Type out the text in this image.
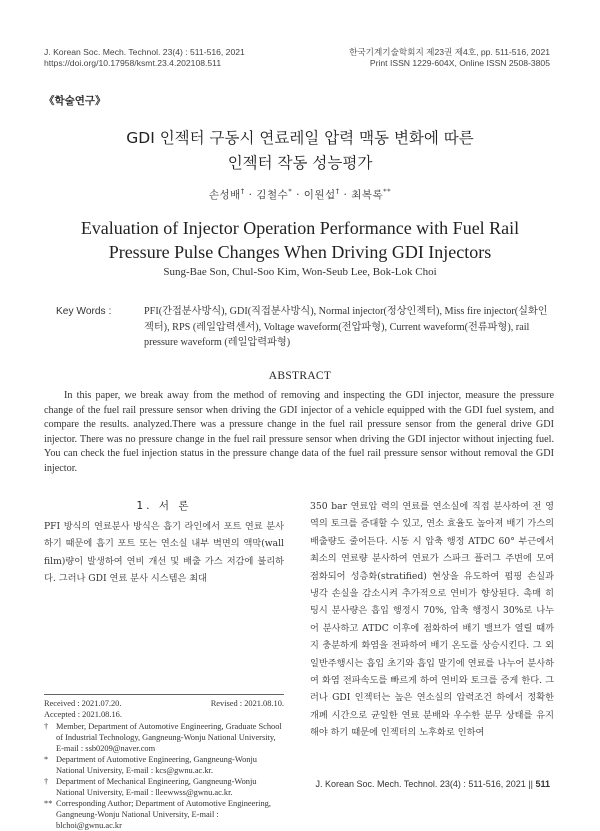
J. Korean Soc. Mech. Technol. 23(4) : 511-516, 2021
https://doi.org/10.17958/ksmt.23.4.202108.511
한국기계기술학회지 제23권 제4호, pp. 511-516, 2021
Print ISSN 1229-604X, Online ISSN 2508-3805
《학술연구》
GDI 인젝터 구동시 연료레일 압력 맥동 변화에 따른
인젝터 작동 성능평가
손성배† · 김철수* · 이원섭† · 최복록**
Evaluation of Injector Operation Performance with Fuel Rail
Pressure Pulse Changes When Driving GDI Injectors
Sung-Bae Son, Chul-Soo Kim, Won-Seub Lee, Bok-Lok Choi
Key Words :	PFI(간접분사방식), GDI(직접분사방식), Normal injector(정상인젝터), Miss fire injector(실화인젝터), RPS (레일압력센서), Voltage waveform(전압파형), Current waveform(전류파형), rail pressure waveform (레일압력파형)
ABSTRACT

In this paper, we break away from the method of removing and inspecting the GDI injector, measure the pressure change of the fuel rail pressure sensor when driving the GDI injector of a vehicle equipped with the GDI fuel system, and compare the results. analyzed.There was a pressure change in the fuel rail pressure sensor from the general drive GDI injector. There was no pressure change in the fuel rail pressure sensor when driving the GDI injector without injecting fuel. You can check the fuel injection status in the pressure change data of the fuel rail pressure sensor without removal the GDI injector.

1. 서 론

PFI 방식의 연료분사 방식은 흡기 라인에서 포트 연료 분사하기 때문에 흡기 포트 또는 연소실 내부 벽면의 액막(wall film)량이 발생하여 연비 개선 및 배출 가스 저감에 불리하다. 그러나 GDI 연료 분사 시스템은 최대

350 bar 연료압 력의 연료를 연소실에 직접 분사하여 전 영역의 토크를 증대할 수 있고, 연소 효율도 높아져 배기 가스의 배출량도 줄어든다. 시동 시 압축 행정 ATDC 60° 부근에서 최소의 연료량 분사하여 연료가 스파크 플러그 주변에 모여 점화되어 성층화(stratified) 현상을 유도하여 펌핑 손실과 냉각 손실을 감소시켜 추가적으로 연비가 향상된다. 촉매 히팅시 분사량은 흡입 행정시 70%, 압축 행정시 30%로 나누어 분사하고 ATDC 이후에 점화하여 배기 밸브가 열릴 때까지 충분하게 화염을 전파하여 배기 온도를 상승시킨다. 그 외 일반주행시는 흡입 초기와 흡입 말기에 연료를 나누어 분사하여 화염 전파속도를 빠르게 하여 연비와 토크를 증게 한다. 그러나 GDI 인젝터는 높은 연소실의 압력조건 하에서 정확한 개폐 시간으로 균일한 연료 분배와 우수한 분무 상태를 유지해야 하기 때문에 인젝터의 노후화로 인하여

Received : 2021.07.20.	Revised : 2021.08.10.
Accepted : 2021.08.16.
† Member, Department of Automotive Engineering, Graduate School of Industrial Technology, Gangneung-Wonju National University, E-mail : ssb0209@naver.com
* Department of Automotive Engineering, Gangneung-Wonju National University, E-mail : kcs@gwnu.ac.kr.
† Department of Mechanical Engineering, Gangneung-Wonju National University, E-mail : lleewwss@gwnu.ac.kr.
** Corresponding Author; Department of Automotive Engineering, Gangneung-Wonju National University, E-mail : blchoi@gwnu.ac.kr
J. Korean Soc. Mech. Technol. 23(4) : 511-516, 2021 || 511
